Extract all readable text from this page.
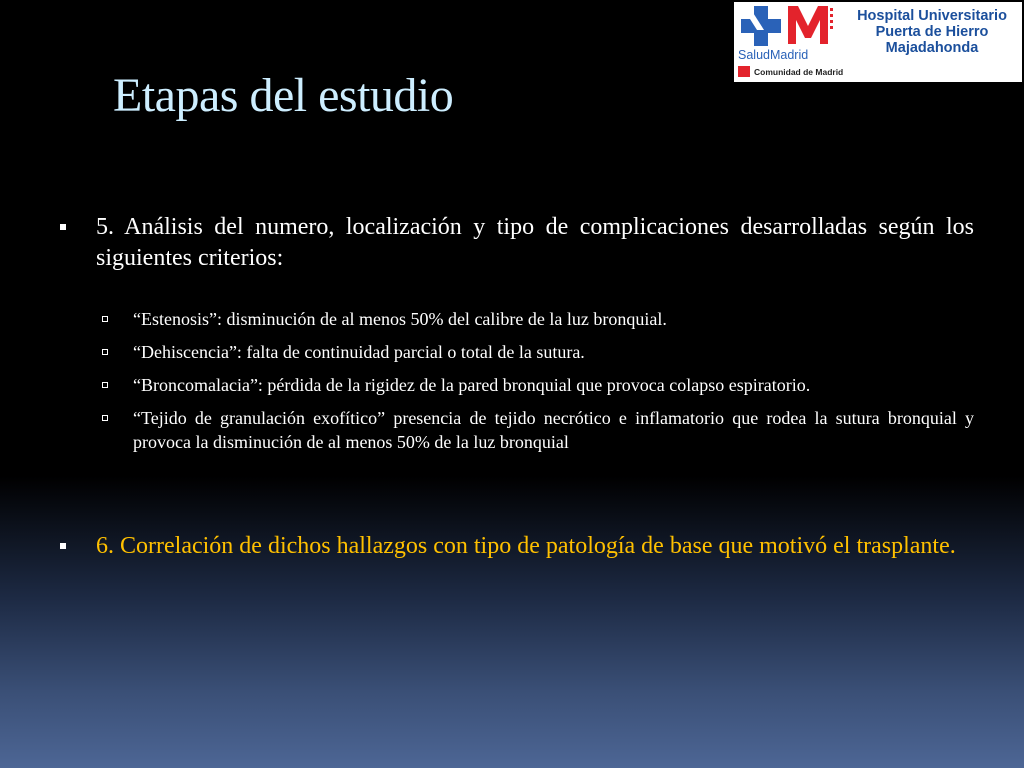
Hospital Universitario
Puerta de Hierro
Majadahonda
SaludMadrid
Comunidad de Madrid
Etapas del estudio
5. Análisis del numero, localización y tipo de complicaciones desarrolladas según los siguientes criterios:
“Estenosis”: disminución de al menos 50% del calibre de la luz bronquial.
“Dehiscencia”: falta de continuidad parcial o total de la sutura.
“Broncomalacia”: pérdida de la rigidez de la pared bronquial que provoca colapso espiratorio.
“Tejido de granulación exofítico” presencia de tejido necrótico e inflamatorio que rodea la sutura bronquial y provoca la disminución de al menos 50% de la luz bronquial
6. Correlación de dichos hallazgos con tipo de patología de base que motivó el trasplante.
